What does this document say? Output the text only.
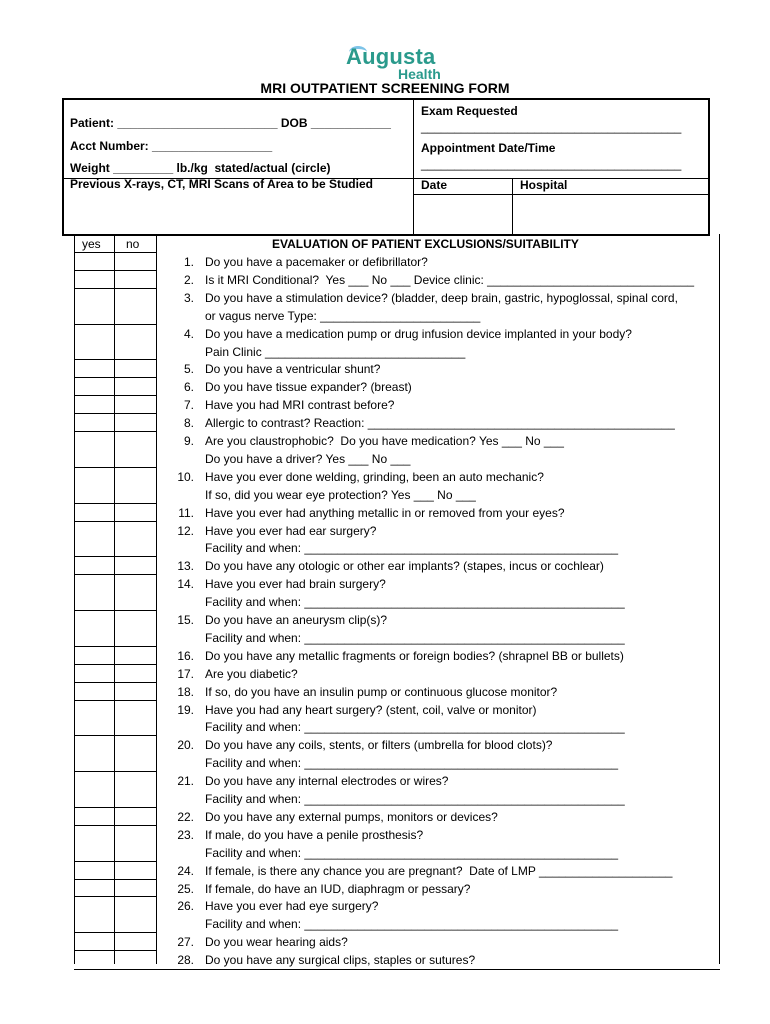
Augusta
Health
MRI OUTPATIENT SCREENING FORM
Patient: ________________________ DOB ____________
Acct Number: __________________
Weight _________ lb./kg  stated/actual (circle)
Previous X-rays, CT, MRI Scans of Area to be Studied
Exam Requested
_______________________________________
Appointment Date/Time
_______________________________________
Date	Hospital
yes no	EVALUATION OF PATIENT EXCLUSIONS/SUITABILITY
1. Do you have a pacemaker or defibrillator?
2. Is it MRI Conditional?  Yes ___ No ___ Device clinic: _______________________________
3. Do you have a stimulation device? (bladder, deep brain, gastric, hypoglossal, spinal cord,
or vagus nerve Type: ________________________
4. Do you have a medication pump or drug infusion device implanted in your body?
Pain Clinic ______________________________
5. Do you have a ventricular shunt?
6. Do you have tissue expander? (breast)
7. Have you had MRI contrast before?
8. Allergic to contrast? Reaction: ______________________________________________
9. Are you claustrophobic?  Do you have medication? Yes ___ No ___
Do you have a driver? Yes ___ No ___
10. Have you ever done welding, grinding, been an auto mechanic?
If so, did you wear eye protection? Yes ___ No ___
11. Have you ever had anything metallic in or removed from your eyes?
12. Have you ever had ear surgery?
Facility and when: _______________________________________________
13. Do you have any otologic or other ear implants? (stapes, incus or cochlear)
14. Have you ever had brain surgery?
Facility and when: ________________________________________________
15. Do you have an aneurysm clip(s)?
Facility and when: ________________________________________________
16. Do you have any metallic fragments or foreign bodies? (shrapnel BB or bullets)
17. Are you diabetic?
18. If so, do you have an insulin pump or continuous glucose monitor?
19. Have you had any heart surgery? (stent, coil, valve or monitor)
Facility and when: ________________________________________________
20. Do you have any coils, stents, or filters (umbrella for blood clots)?
Facility and when: _______________________________________________
21. Do you have any internal electrodes or wires?
Facility and when: ________________________________________________
22. Do you have any external pumps, monitors or devices?
23. If male, do you have a penile prosthesis?
Facility and when: _______________________________________________
24. If female, is there any chance you are pregnant?  Date of LMP ____________________
25. If female, do have an IUD, diaphragm or pessary?
26. Have you ever had eye surgery?
Facility and when: _______________________________________________
27. Do you wear hearing aids?
28. Do you have any surgical clips, staples or sutures?
